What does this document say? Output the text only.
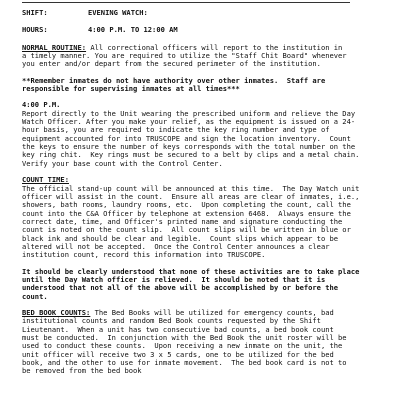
SHIFT:	EVENING WATCH:
HOURS:	4:00 P.M. TO 12:00 AM
NORMAL ROUTINE: All correctional officers will report to the institution in
a timely manner. You are required to utilize the "Staff Chit Board" whenever
you enter and/or depart from the secured perimeter of the institution.
**Remember inmates do not have authority over other inmates.  Staff are
responsible for supervising inmates at all times***
4:00 P.M.
Report directly to the Unit wearing the prescribed uniform and relieve the Day
Watch Officer. After you make your relief, as the equipment is issued on a 24-
hour basis, you are required to indicate the key ring number and type of
equipment accounted for into TRUSCOPE and sign the location inventory.  Count
the keys to ensure the number of keys corresponds with the total number on the
key ring chit.  Key rings must be secured to a belt by clips and a metal chain.
Verify your base count with the Control Center.
COUNT TIME:
The official stand-up count will be announced at this time.  The Day Watch unit
officer will assist in the count.  Ensure all areas are clear of inmates, i.e.,
showers, bath rooms, laundry rooms, etc.  Upon completing the count, call the
count into the C&A Officer by telephone at extension 6468.  Always ensure the
correct date, time, and Officer's printed name and signature conducting the
count is noted on the count slip.  All count slips will be written in blue or
black ink and should be clear and legible.  Count slips which appear to be
altered will not be accepted.  Once the Control Center announces a clear
institution count, record this information into TRUSCOPE.
It should be clearly understood that none of these activities are to take place
until the Day Watch officer is relieved.  It should be noted that it is
understood that not all of the above will be accomplished by or before the
count.
BED BOOK COUNTS: The Bed Books will be utilized for emergency counts, bad
institutional counts and random Bed Book counts requested by the Shift
Lieutenant.  When a unit has two consecutive bad counts, a bed book count
must be conducted.  In conjunction with the Bed Book the unit roster will be
used to conduct these counts.  Upon receiving a new inmate on the unit, the
unit officer will receive two 3 x 5 cards, one to be utilized for the bed
book, and the other to use for inmate movement.  The bed book card is not to
be removed from the bed book
